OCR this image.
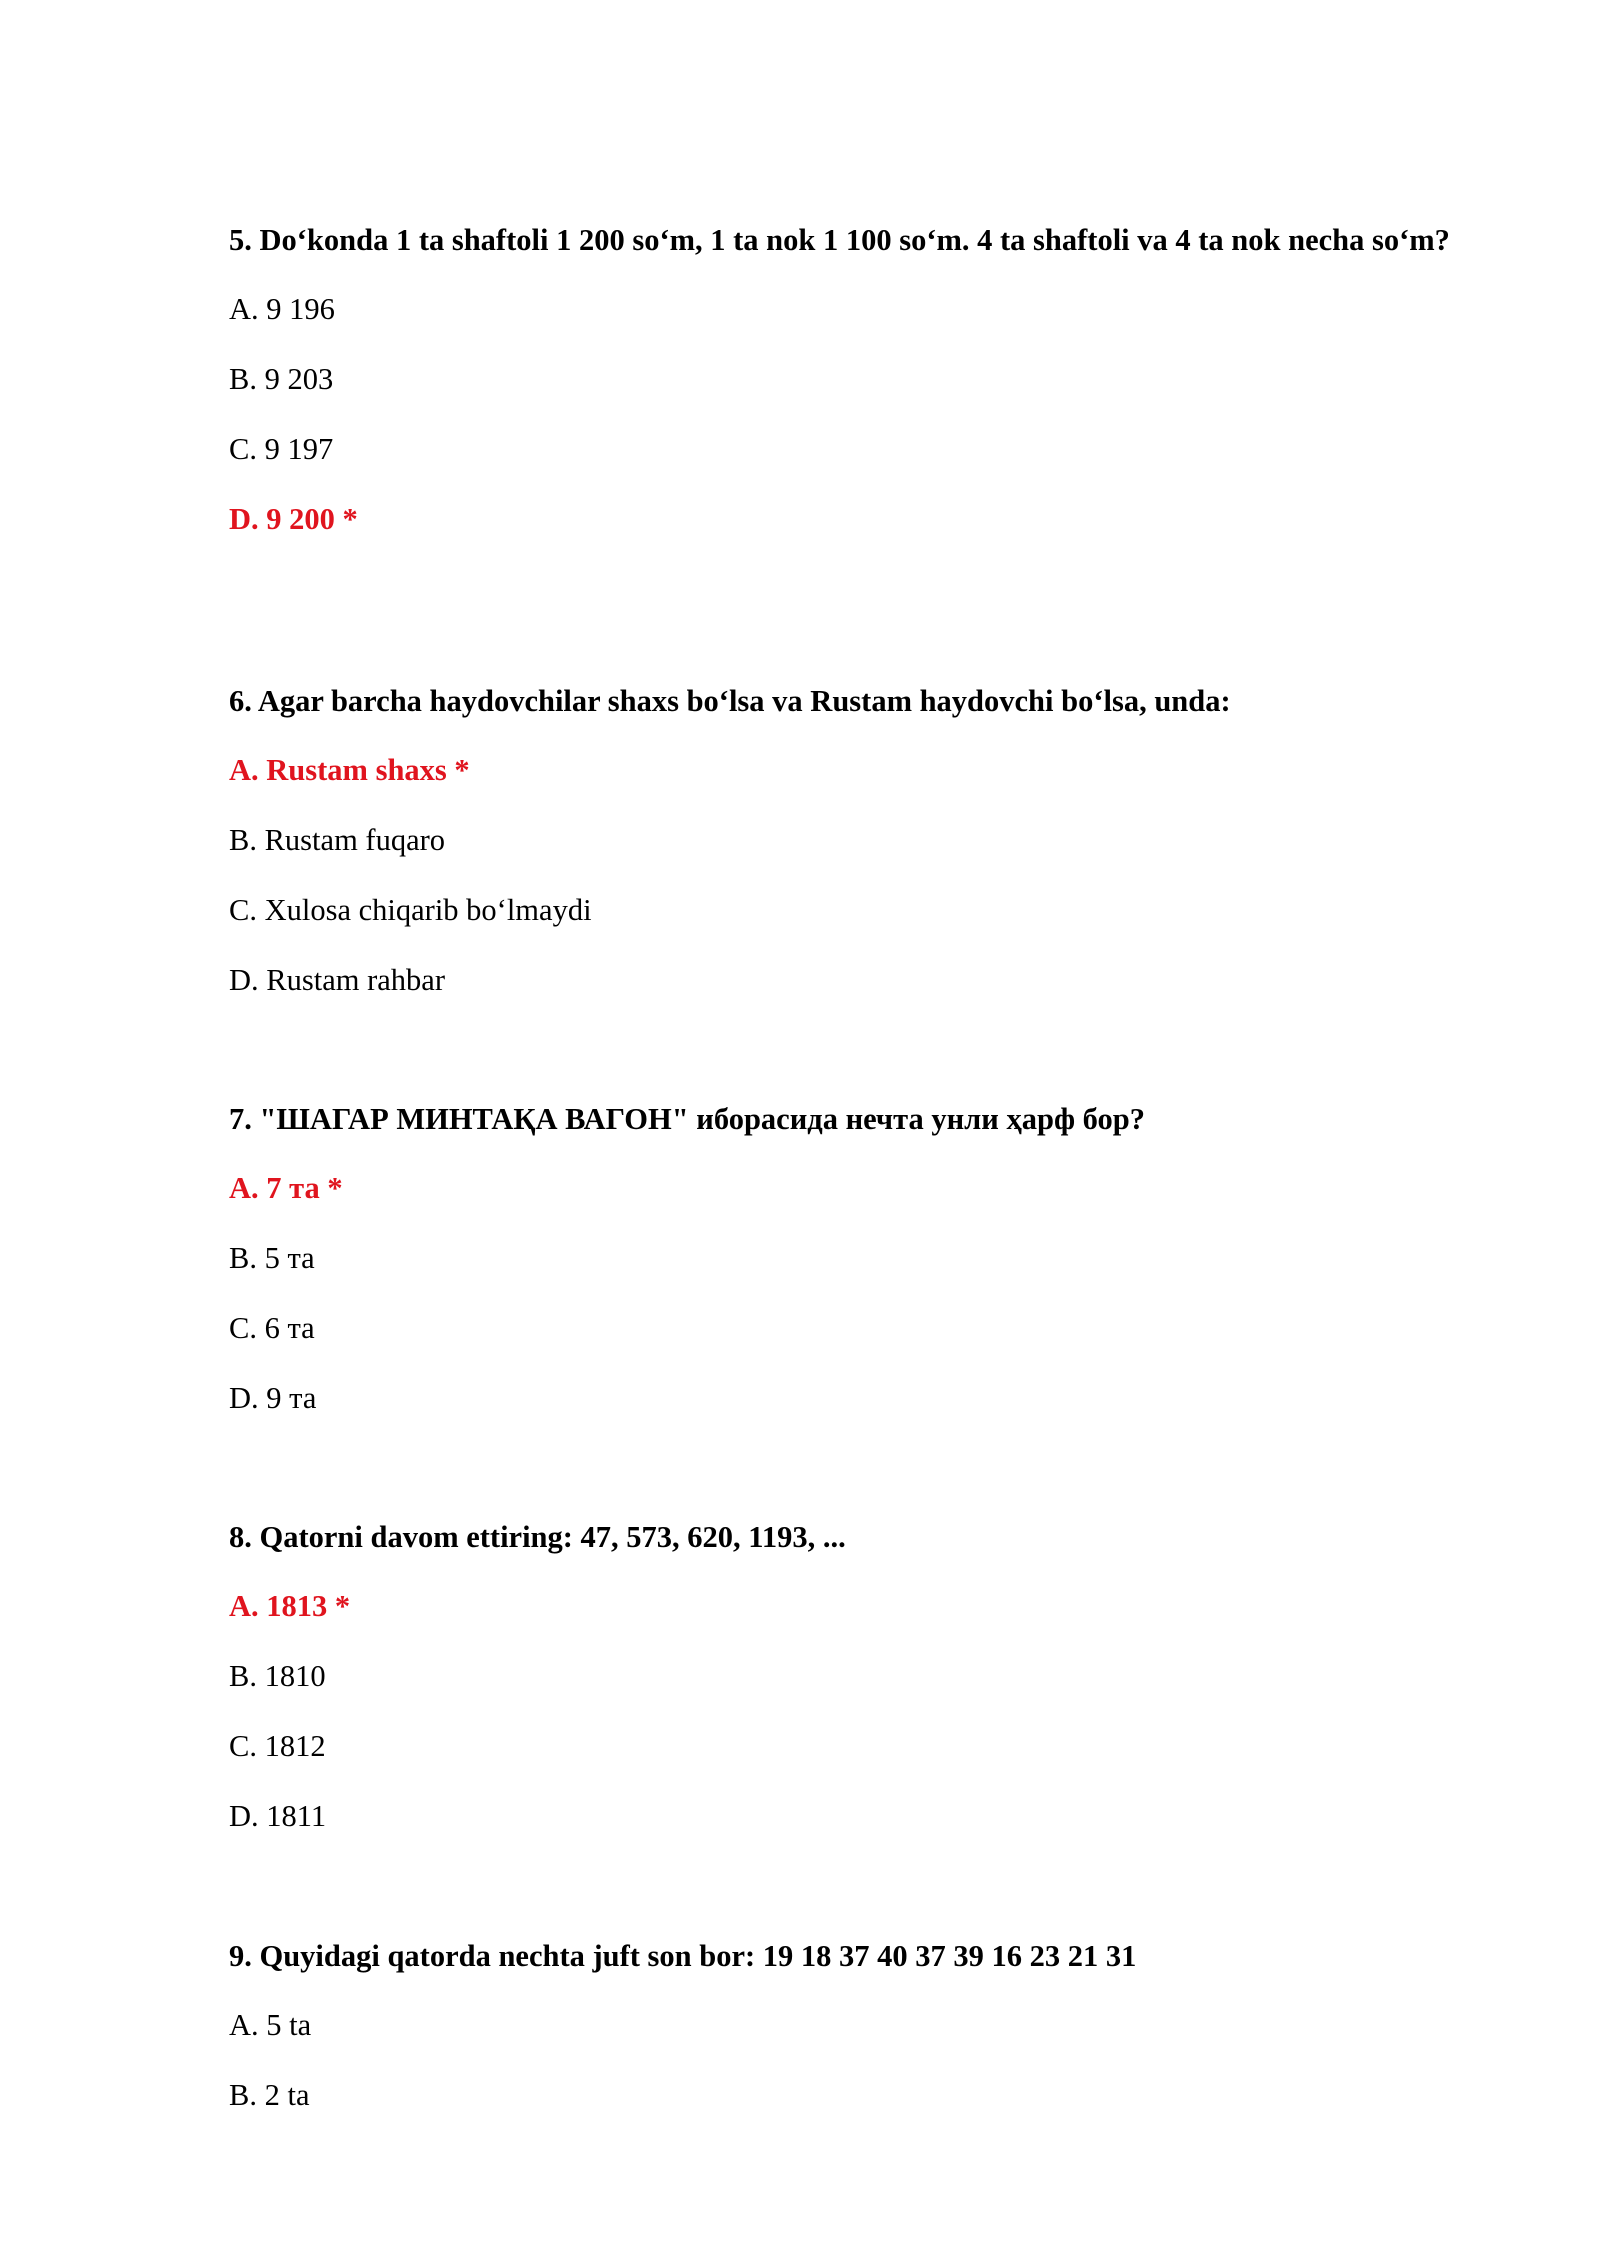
5. Do‘konda 1 ta shaftoli 1 200 so‘m, 1 ta nok 1 100 so‘m. 4 ta shaftoli va 4 ta nok necha so‘m?

A. 9 196

B. 9 203

C. 9 197

D. 9 200 *

6. Agar barcha haydovchilar shaxs bo‘lsa va Rustam haydovchi bo‘lsa, unda:

A. Rustam shaxs *

B. Rustam fuqaro

C. Xulosa chiqarib bo‘lmaydi

D. Rustam rahbar

7. "ШАГАР МИНТАҚА ВАГОН" иборасида нечта унли ҳарф бор?

A. 7 та *

B. 5 та

C. 6 та

D. 9 та

8. Qatorni davom ettiring: 47, 573, 620, 1193, ...

A. 1813 *

B. 1810

C. 1812

D. 1811

9. Quyidagi qatorda nechta juft son bor: 19 18 37 40 37 39 16 23 21 31

A. 5 ta

B. 2 ta
